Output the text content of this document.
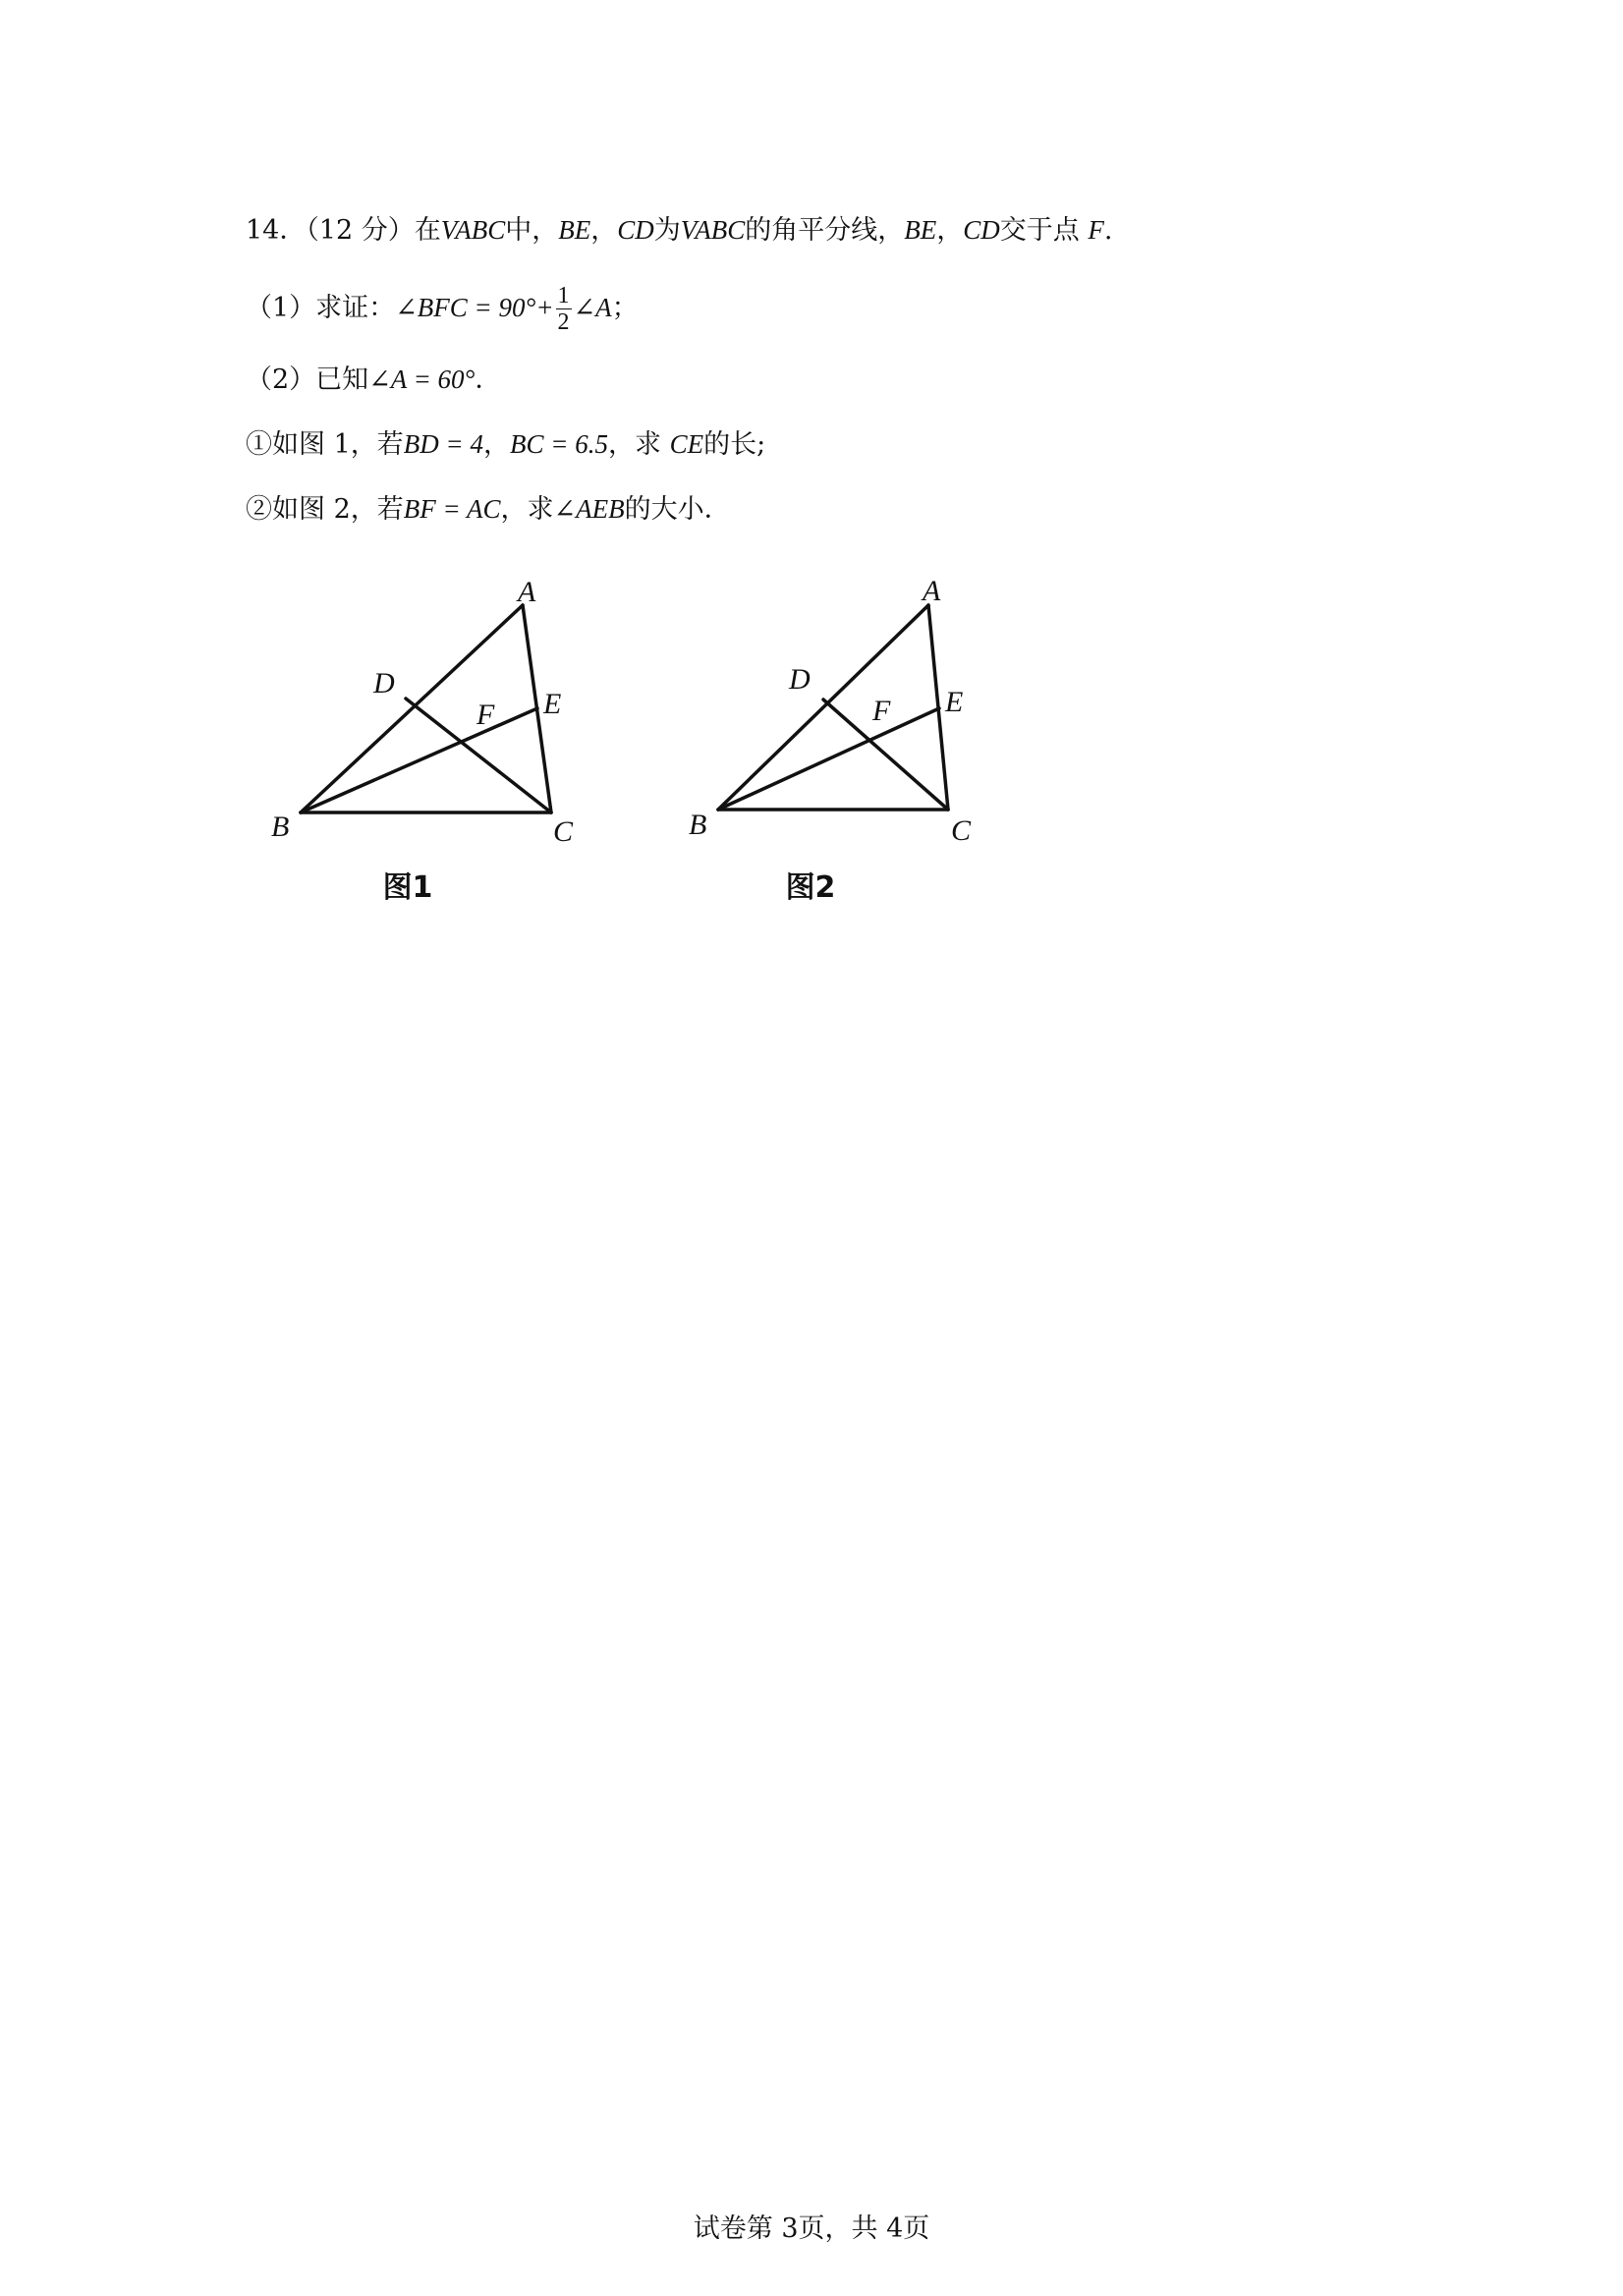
14．（12 分）在VABC中，BE，CD为VABC的角平分线，BE，CD交于点 F.
（1）求证：∠BFC = $90^\circ+ \frac{1}{2}$ ∠A；
（2）已知∠A = 60°．
①如图 1，若BD = 4，BC = 6.5，求 CE的长;
②如图 2，若BF = AC，求∠AEB的大小．
A
B	C
D
E
F
图1
A
B	C
D
E
F
图2
试卷第 3页，共 4页
